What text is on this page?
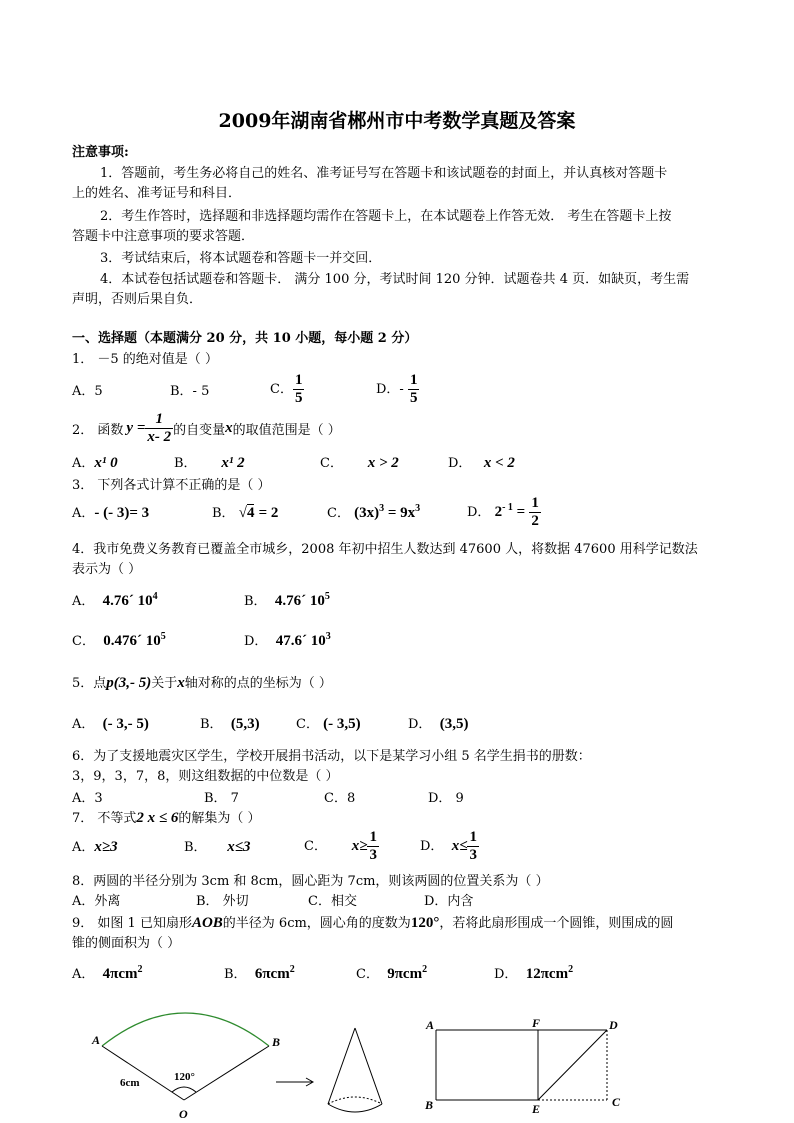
2009年湖南省郴州市中考数学真题及答案
注意事项:
1．答题前，考生务必将自己的姓名、准考证号写在答题卡和该试题卷的封面上，并认真核对答题卡
上的姓名、准考证号和科目．
2．考生作答时，选择题和非选择题均需作在答题卡上，在本试题卷上作答无效． 考生在答题卡上按
答题卡中注意事项的要求答题．
3．考试结束后，将本试题卷和答题卡一并交回．
4．本试卷包括试题卷和答题卡． 满分 100 分，考试时间 120 分钟．试题卷共 4 页．如缺页，考生需
声明，否则后果自负．
一、选择题（本题满分 20 分，共 10 小题，每小题 2 分）
1． －5 的绝对值是（ ）
A．5	B．- 5	C． $\frac{1}{5}$	D．- $\frac{1}{5}$
2． 函数 $y = \frac{1}{x- 2}$ 的自变量 x 的取值范围是（ ）
A．x¹ 0	B． x¹ 2	C． x > 2	D． x < 2
3． 下列各式计算不正确的是（ ）
A．- (- 3)= 3	B． √4 = 2	C． $(3x)^3 = 9x^3$	D． $2^{- 1} = \frac{1}{2}$
4．我市免费义务教育已覆盖全市城乡，2008 年初中招生人数达到 47600 人，将数据 47600 用科学记数法
表示为（ ）
A． 4.76´ $10^4$	B． 4.76´ $10^5$
C． 0.476´ $10^5$	D． 47.6´ $10^3$
5．点p(3,- 5)关于x轴对称的点的坐标为（ ）
A． (- 3,- 5)	B． (5,3)	C． (- 3,5)	D． (3,5)
6．为了支援地震灾区学生，学校开展捐书活动，以下是某学习小组 5 名学生捐书的册数：
3，9，3，7，8，则这组数据的中位数是（ ）
A．3	B． 7	C．8	D． 9
7． 不等式2 x ≤ 6的解集为（ ）
A．x≥3	B． x≤3	C． $x\ge \frac{1}{3}$	D． $x\le \frac{1}{3}$
8．两圆的半径分别为 3cm 和 8cm，圆心距为 7cm，则该两圆的位置关系为（ ）
A．外离	B． 外切	C．相交	D．内含
9． 如图 1 已知扇形AOB的半径为 6cm，圆心角的度数为120°，若将此扇形围成一个圆锥，则围成的圆
锥的侧面积为（ ）
A． 4πcm$^2$	B． 6πcm$^2$	C． 9πcm$^2$	D． 12πcm$^2$
A	B
O
6cm	120°
A	F	D
B	E	C
